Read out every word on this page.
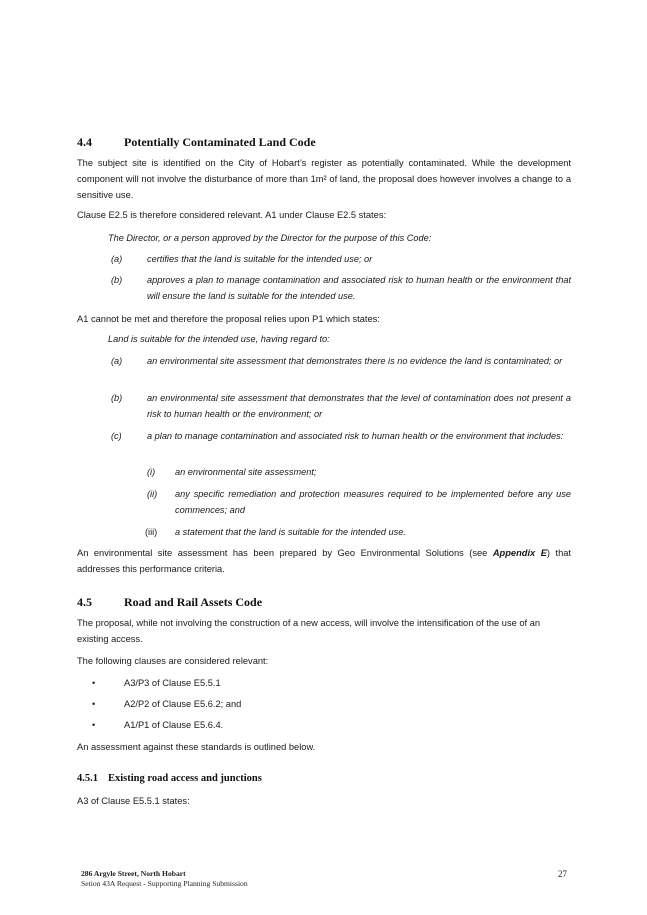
4.4	Potentially Contaminated Land Code
The subject site is identified on the City of Hobart’s register as potentially contaminated. While the development component will not involve the disturbance of more than 1m² of land, the proposal does however involves a change to a sensitive use.
Clause E2.5 is therefore considered relevant. A1 under Clause E2.5 states:
The Director, or a person approved by the Director for the purpose of this Code:
(a)	certifies that the land is suitable for the intended use; or
(b)	approves a plan to manage contamination and associated risk to human health or the environment that will ensure the land is suitable for the intended use.
A1 cannot be met and therefore the proposal relies upon P1 which states:
Land is suitable for the intended use, having regard to:
(a)	an environmental site assessment that demonstrates there is no evidence the land is contaminated; or
(b)	an environmental site assessment that demonstrates that the level of contamination does not present a risk to human health or the environment; or
(c)	a plan to manage contamination and associated risk to human health or the environment that includes:
(i) an environmental site assessment;
(ii) any specific remediation and protection measures required to be implemented before any use commences; and
(iii) a statement that the land is suitable for the intended use.
An environmental site assessment has been prepared by Geo Environmental Solutions (see Appendix E) that addresses this performance criteria.
4.5	Road and Rail Assets Code
The proposal, while not involving the construction of a new access, will involve the intensification of the use of an existing access.
The following clauses are considered relevant:
•	A3/P3 of Clause E5.5.1
•	A2/P2 of Clause E5.6.2; and
•	A1/P1 of Clause E5.6.4.
An assessment against these standards is outlined below.
4.5.1 Existing road access and junctions
A3 of Clause E5.5.1 states:
286 Argyle Street, North Hobart
Setion 43A Request - Supporting Planning Submission
27
